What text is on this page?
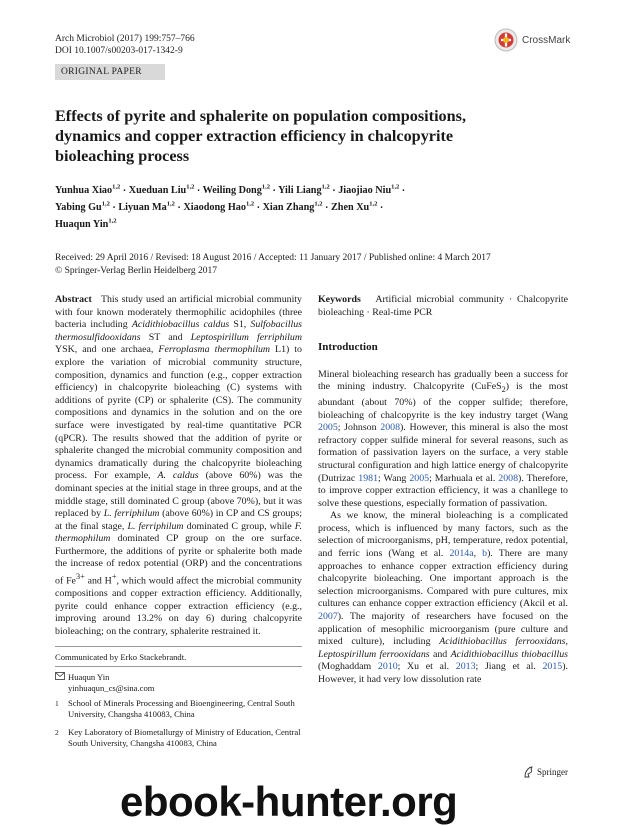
Arch Microbiol (2017) 199:757–766
DOI 10.1007/s00203-017-1342-9
CrossMark
ORIGINAL PAPER
Effects of pyrite and sphalerite on population compositions, dynamics and copper extraction efficiency in chalcopyrite bioleaching process
Yunhua Xiao$^{1,2}$ · Xueduan Liu$^{1,2}$ · Weiling Dong$^{1,2}$ · Yili Liang$^{1,2}$ · Jiaojiao Niu$^{1,2}$ ·
Yabing Gu$^{1,2}$ · Liyuan Ma$^{1,2}$ · Xiaodong Hao$^{1,2}$ · Xian Zhang$^{1,2}$ · Zhen Xu$^{1,2}$ ·
Huaqun Yin$^{1,2}$
Received: 29 April 2016 / Revised: 18 August 2016 / Accepted: 11 January 2017 / Published online: 4 March 2017
© Springer-Verlag Berlin Heidelberg 2017

Abstract This study used an artificial microbial community with four known moderately thermophilic acidophiles (three bacteria including Acidithiobacillus caldus S1, Sulfobacillus thermosulfidooxidans ST and Leptospirillum ferriphilum YSK, and one archaea, Ferroplasma thermophilum L1) to explore the variation of microbial community structure, composition, dynamics and function (e.g., copper extraction efficiency) in chalcopyrite bioleaching (C) systems with additions of pyrite (CP) or sphalerite (CS). The community compositions and dynamics in the solution and on the ore surface were investigated by real-time quantitative PCR (qPCR). The results showed that the addition of pyrite or sphalerite changed the microbial community composition and dynamics dramatically during the chalcopyrite bioleaching process. For example, A. caldus (above 60%) was the dominant species at the initial stage in three groups, and at the middle stage, still dominated C group (above 70%), but it was replaced by L. ferriphilum (above 60%) in CP and CS groups; at the final stage, L. ferriphilum dominated C group, while F. thermophilum dominated CP group on the ore surface. Furthermore, the additions of pyrite or sphalerite both made the increase of redox potential (ORP) and the concentrations of $Fe^{3+}$ and H+, which would affect the microbial community compositions and copper extraction efficiency. Additionally, pyrite could enhance copper extraction efficiency (e.g., improving around 13.2% on day 6) during chalcopyrite bioleaching; on the contrary, sphalerite restrained it.

Keywords Artificial microbial community · Chalcopyrite bioleaching · Real-time PCR

Introduction

Mineral bioleaching research has gradually been a success for the mining industry. Chalcopyrite (CuFeS$_2$) is the most abundant (about 70%) of the copper sulfide; therefore, bioleaching of chalcopyrite is the key industry target (Wang 2005; Johnson 2008). However, this mineral is also the most refractory copper sulfide mineral for several reasons, such as formation of passivation layers on the surface, a very stable structural configuration and high lattice energy of chalcopyrite (Dutrizac 1981; Wang 2005; Marhuala et al. 2008). Therefore, to improve copper extraction efficiency, it was a chanllege to solve these questions, especially formation of passivation.

As we know, the mineral bioleaching is a complicated process, which is influenced by many factors, such as the selection of microorganisms, pH, temperature, redox potential, and ferric ions (Wang et al. 2014a, b). There are many approaches to enhance copper extraction efficiency during chalcopyrite bioleaching. One important approach is the selection microorganisms. Compared with pure cultures, mix cultures can enhance copper extraction efficiency (Akcil et al. 2007). The majority of researchers have focused on the application of mesophilic microorganism (pure culture and mixed culture), including Acidithiobacillus ferrooxidans, Leptospirillum ferrooxidans and Acidithiobacillus thiobacillus (Moghaddam 2010; Xu et al. 2013; Jiang et al. 2015). However, it had very low dissolution rate

Communicated by Erko Stackebrandt.
Huaqun Yin
yinhuaqun_cs@sina.com
1 School of Minerals Processing and Bioengineering, Central South University, Changsha 410083, China
2 Key Laboratory of Biometallurgy of Ministry of Education, Central South University, Changsha 410083, China
Springer
ebook-hunter.org
